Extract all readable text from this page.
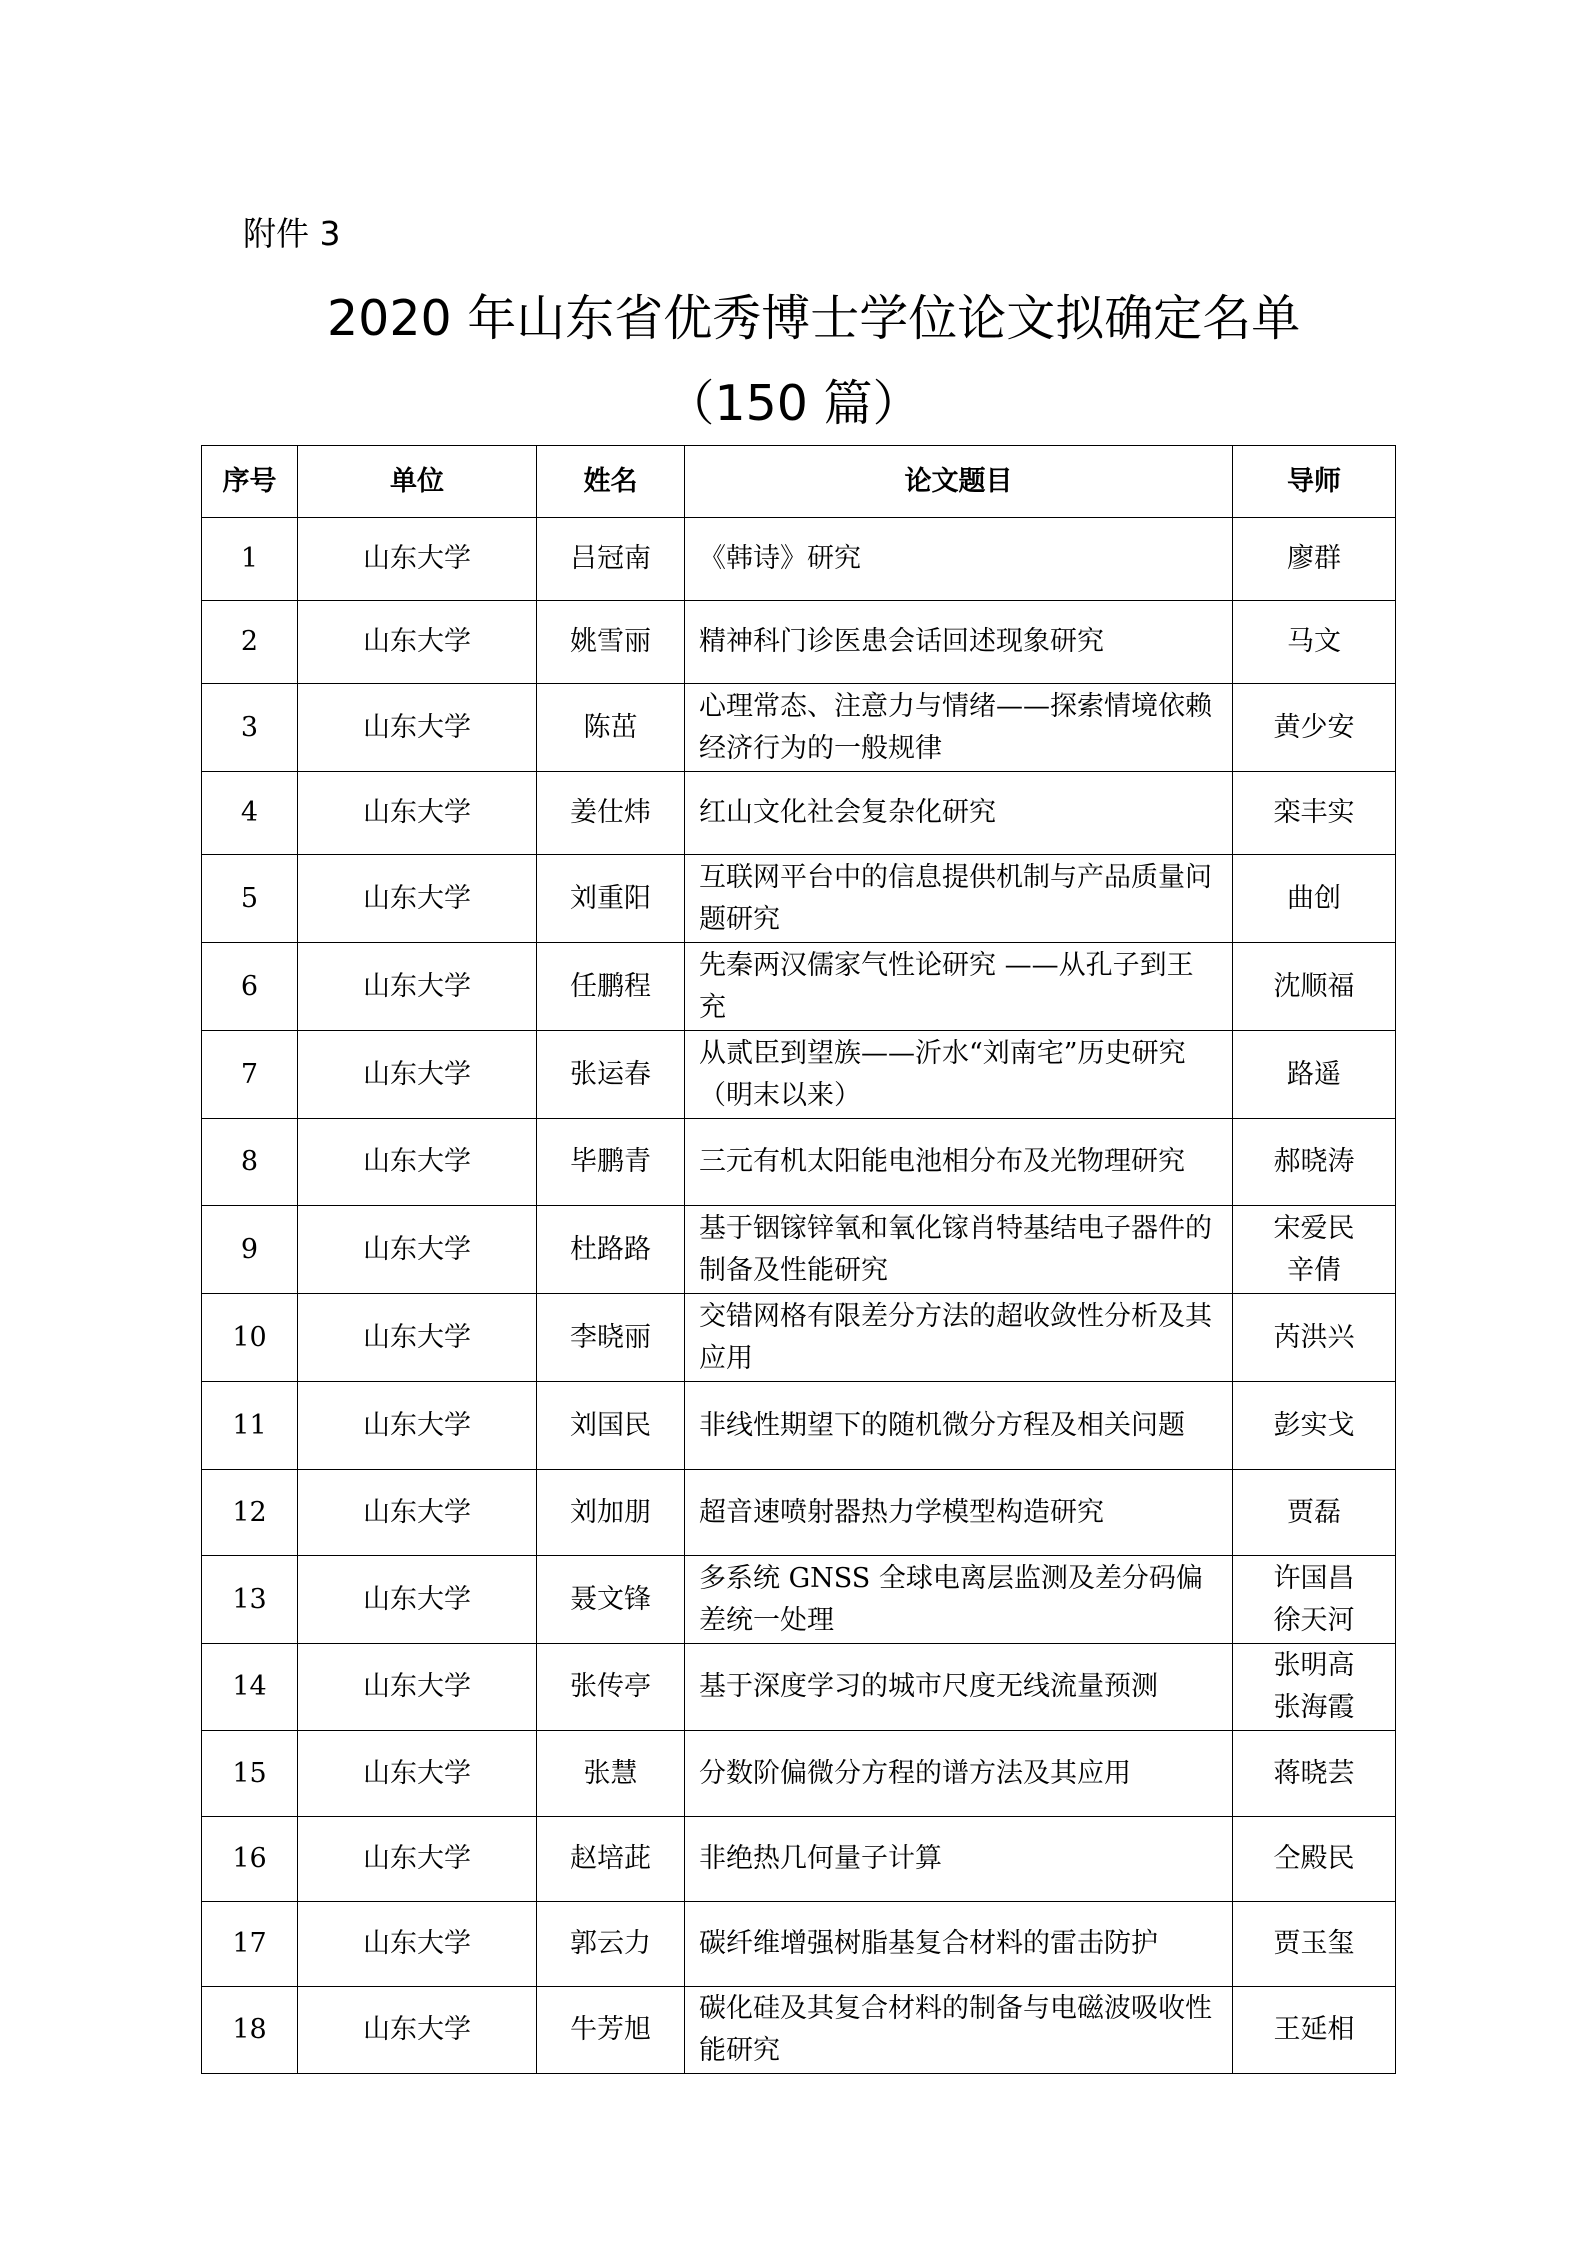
附件 3
2020 年山东省优秀博士学位论文拟确定名单
（150 篇）
序号	单位	姓名	论文题目	导师
1	山东大学	吕冠南	《韩诗》研究	廖群

2	山东大学	姚雪丽	精神科门诊医患会话回述现象研究	马文

3	山东大学	陈茁	心理常态、注意力与情绪——探索情境依赖经济行为的一般规律	黄少安

4	山东大学	姜仕炜	红山文化社会复杂化研究	栾丰实

5	山东大学	刘重阳	互联网平台中的信息提供机制与产品质量问题研究	曲创

6	山东大学	任鹏程	先秦两汉儒家气性论研究 ——从孔子到王充	沈顺福

7	山东大学	张运春	从贰臣到望族——沂水“刘南宅”历史研究（明末以来）	路遥

8	山东大学	毕鹏青	三元有机太阳能电池相分布及光物理研究	郝晓涛

9	山东大学	杜路路	基于铟镓锌氧和氧化镓肖特基结电子器件的制备及性能研究	宋爱民
辛倩

10	山东大学	李晓丽	交错网格有限差分方法的超收敛性分析及其应用	芮洪兴

11	山东大学	刘国民	非线性期望下的随机微分方程及相关问题	彭实戈

12	山东大学	刘加朋	超音速喷射器热力学模型构造研究	贾磊

13	山东大学	聂文锋	多系统 GNSS 全球电离层监测及差分码偏差统一处理	许国昌
徐天河

14	山东大学	张传亭	基于深度学习的城市尺度无线流量预测	张明高
张海霞

15	山东大学	张慧	分数阶偏微分方程的谱方法及其应用	蒋晓芸

16	山东大学	赵培茈	非绝热几何量子计算	仝殿民

17	山东大学	郭云力	碳纤维增强树脂基复合材料的雷击防护	贾玉玺

18	山东大学	牛芳旭	碳化硅及其复合材料的制备与电磁波吸收性能研究	王延相
